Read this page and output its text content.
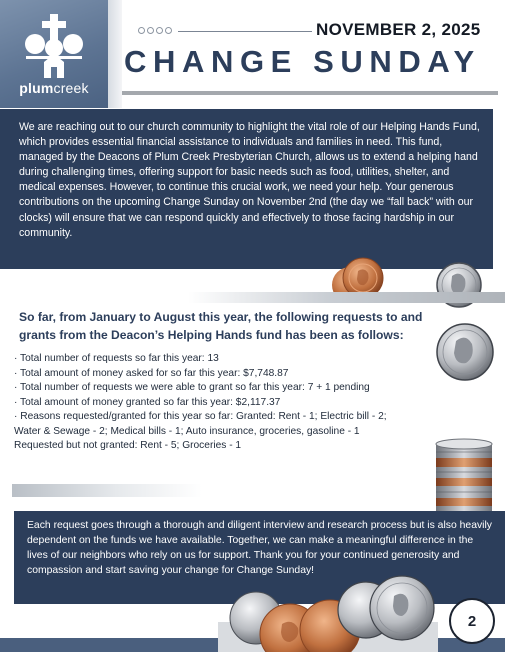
plumcreek
NOVEMBER 2, 2025
CHANGE SUNDAY
We are reaching out to our church community to highlight the vital role of our Helping Hands Fund, which provides essential financial assistance to individuals and families in need. This fund, managed by the Deacons of Plum Creek Presbyterian Church, allows us to extend a helping hand during challenging times, offering support for basic needs such as food, utilities, shelter, and medical expenses. However, to continue this crucial work, we need your help. Your generous contributions on the upcoming Change Sunday on November 2nd (the day we “fall back” with our clocks) will ensure that we can respond quickly and effectively to those facing hardship in our community.
So far, from January to August this year, the following requests to and grants from the Deacon’s Helping Hands fund has been as follows:
· Total number of requests so far this year: 13
· Total amount of money asked for so far this year: $7,748.87
· Total number of requests we were able to grant so far this year: 7 + 1 pending
· Total amount of money granted so far this year: $2,117.37
· Reasons requested/granted for this year so far: Granted: Rent - 1; Electric bill - 2;
Water & Sewage - 2; Medical bills - 1; Auto insurance, groceries, gasoline - 1
Requested but not granted: Rent - 5; Groceries - 1
Each request goes through a thorough and diligent interview and research process but is also heavily dependent on the funds we have available. Together, we can make a meaningful difference in the lives of our neighbors who rely on us for support. Thank you for your continued generosity and compassion and start saving your change for Change Sunday!
2
